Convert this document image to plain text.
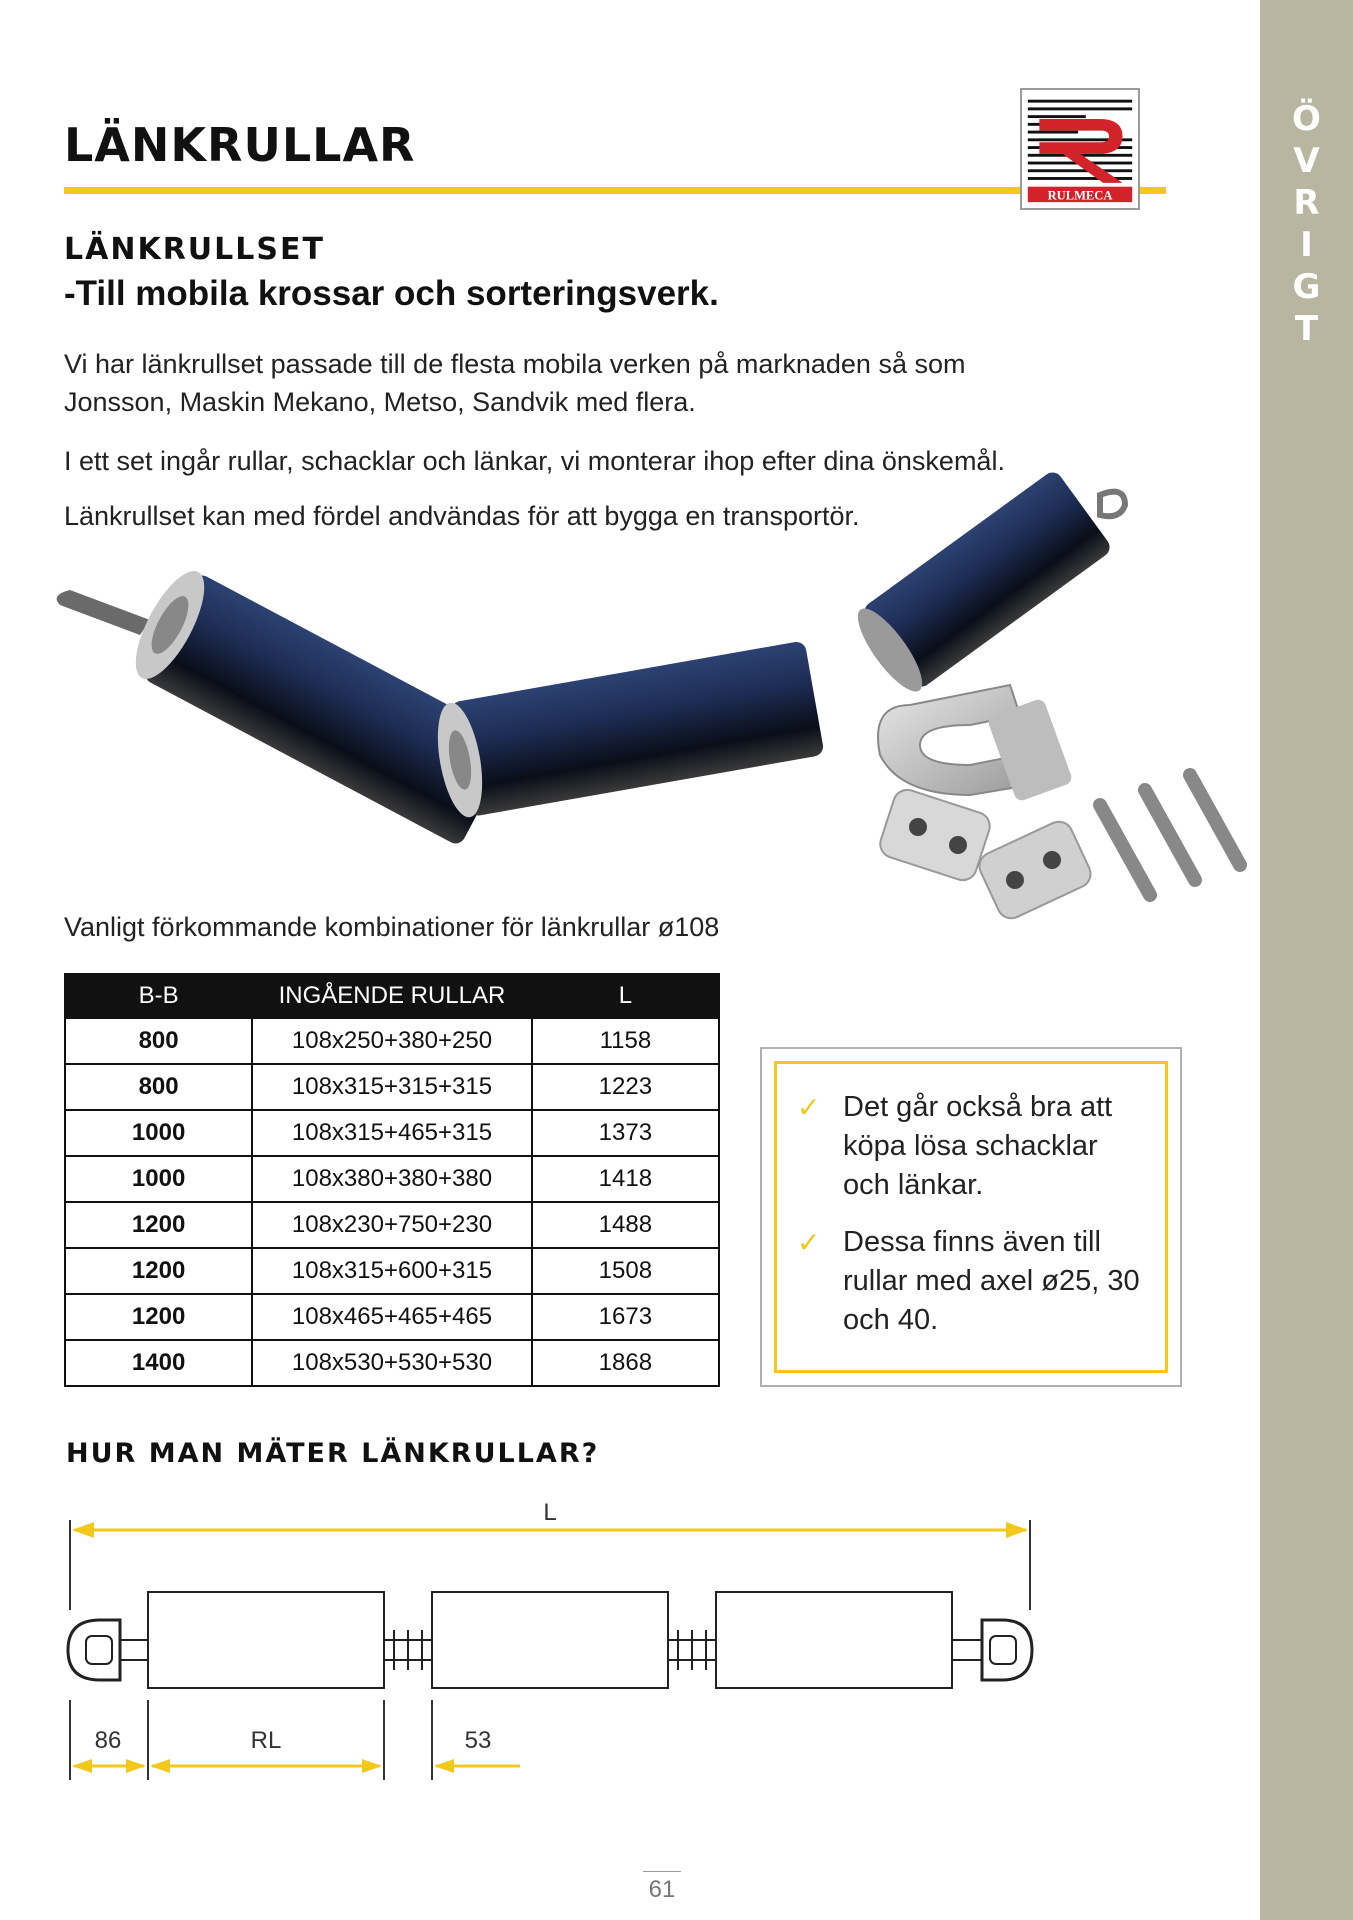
Ö
V
R
I
G
T
LÄNKRULLAR
RULMECA
LÄNKRULLSET
-Till mobila krossar och sorteringsverk.
Vi har länkrullset passade till de flesta mobila verken på marknaden så som
Jonsson, Maskin Mekano, Metso, Sandvik med flera.
I ett set ingår rullar, schacklar och länkar, vi monterar ihop efter dina önskemål.
Länkrullset kan med fördel andvändas för att bygga en transportör.
Vanligt förkommande kombinationer för länkrullar ø108
B-B	INGÅENDE RULLAR	L
800	108x250+380+250	1158
800	108x315+315+315	1223
1000	108x315+465+315	1373
1000	108x380+380+380	1418
1200	108x230+750+230	1488
1200	108x315+600+315	1508
1200	108x465+465+465	1673
1400	108x530+530+530	1868
✓ Det går också bra att
köpa lösa schacklar
och länkar.
✓ Dessa finns även till
rullar med axel ø25, 30
och 40.
HUR MAN MÄTER LÄNKRULLAR?
L
86	RL	53
61
